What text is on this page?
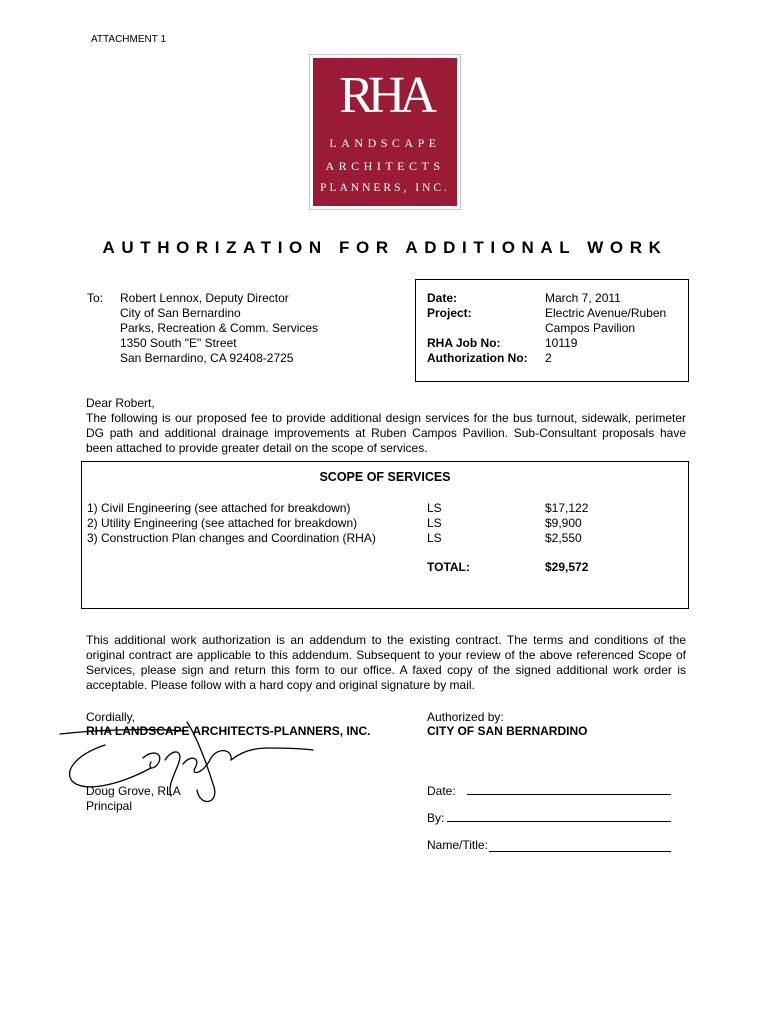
ATTACHMENT 1
RHA
LANDSCAPE
ARCHITECTS
PLANNERS, INC.
AUTHORIZATION FOR ADDITIONAL WORK
To: Robert Lennox, Deputy Director
City of San Bernardino
Parks, Recreation & Comm. Services
1350 South "E" Street
San Bernardino, CA 92408-2725
Date:
Project:

RHA Job No:
Authorization No:
March 7, 2011
Electric Avenue/Ruben
Campos Pavilion
10119
2
Dear Robert,
The following is our proposed fee to provide additional design services for the bus turnout, sidewalk, perimeter DG path and additional drainage improvements at Ruben Campos Pavilion. Sub-Consultant proposals have been attached to provide greater detail on the scope of services.
SCOPE OF SERVICES
1) Civil Engineering (see attached for breakdown)
2) Utility Engineering (see attached for breakdown)
3) Construction Plan changes and Coordination (RHA)
LS
LS
LS
$17,122
$9,900
$2,550
TOTAL:	$29,572
This additional work authorization is an addendum to the existing contract. The terms and conditions of the original contract are applicable to this addendum. Subsequent to your review of the above referenced Scope of Services, please sign and return this form to our office. A faxed copy of the signed additional work order is acceptable. Please follow with a hard copy and original signature by mail.
Cordially,
RHA LANDSCAPE ARCHITECTS-PLANNERS, INC.
Doug Grove, RLA
Principal
Authorized by:
CITY OF SAN BERNARDINO
Date:
By:
Name/Title:
